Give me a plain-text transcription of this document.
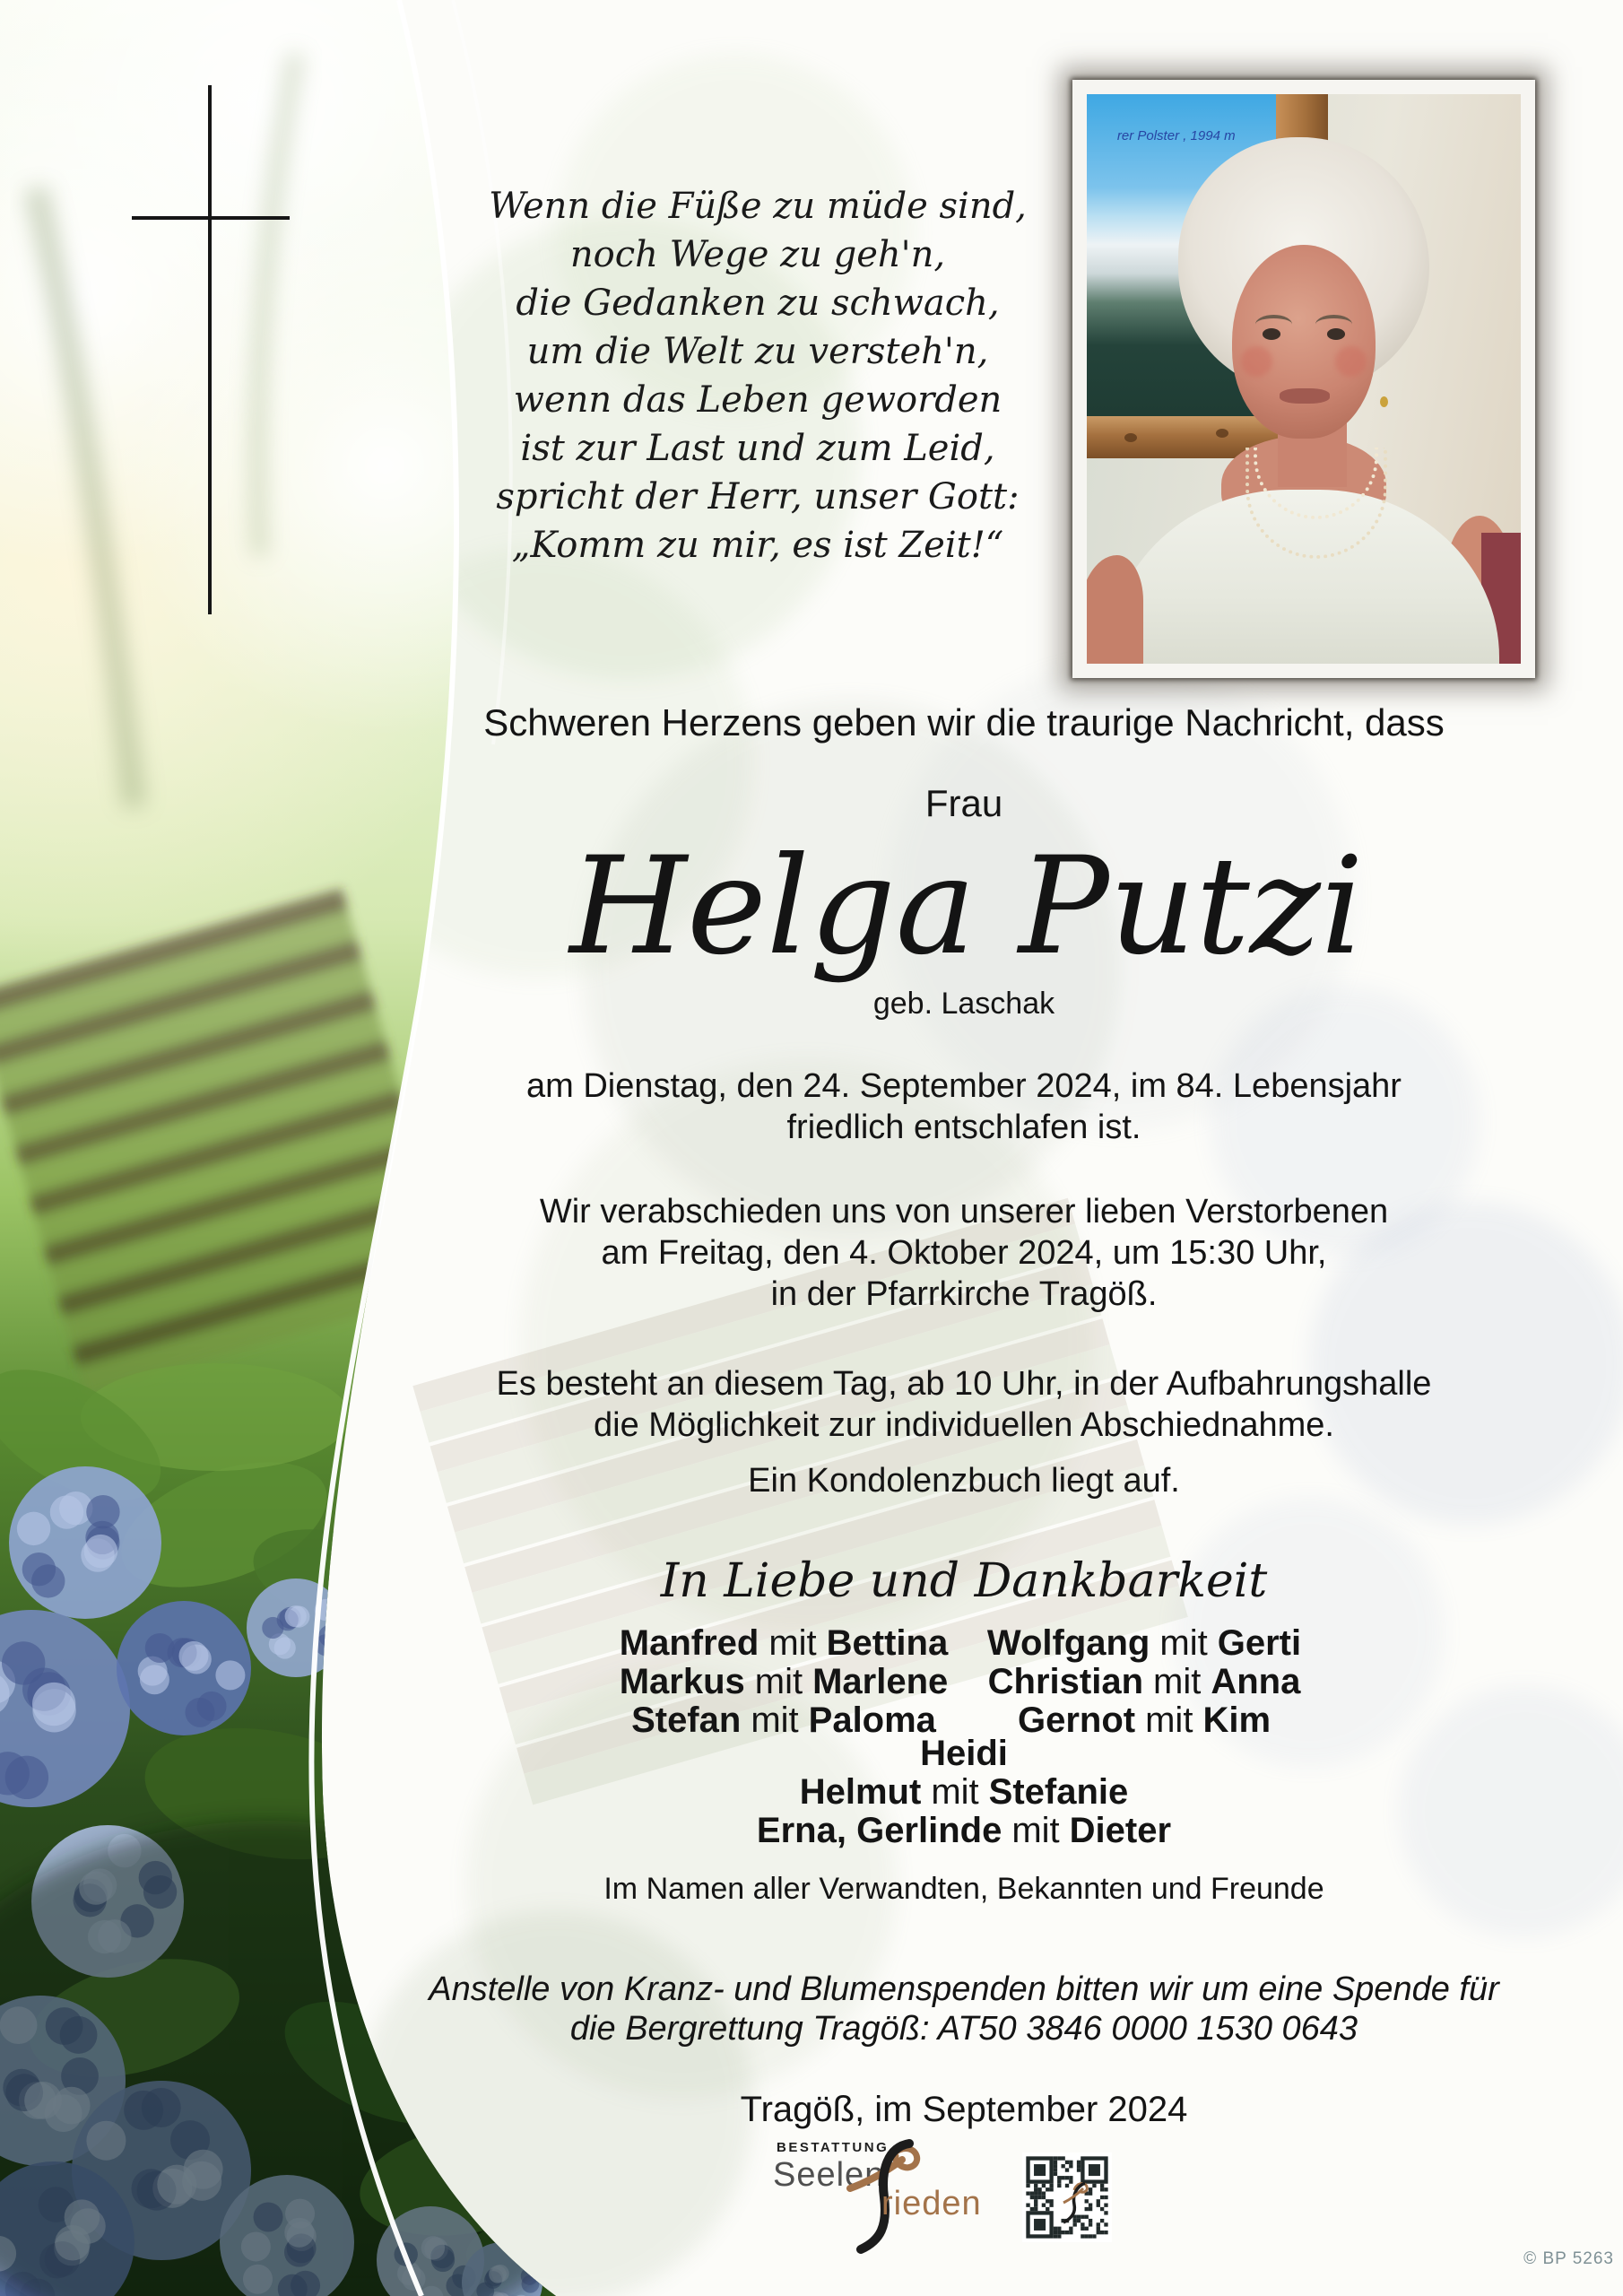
rer Polster , 1994 m
Wenn die Füße zu müde sind,
noch Wege zu geh'n,
die Gedanken zu schwach,
um die Welt zu versteh'n,
wenn das Leben geworden
ist zur Last und zum Leid,
spricht der Herr, unser Gott:
„Komm zu mir, es ist Zeit!“
Schweren Herzens geben wir die traurige Nachricht, dass
Frau
Helga Putzi
geb. Laschak
am Dienstag, den 24. September 2024, im 84. Lebensjahr
friedlich entschlafen ist.
Wir verabschieden uns von unserer lieben Verstorbenen
am Freitag, den 4. Oktober 2024, um 15:30 Uhr,
in der Pfarrkirche Tragöß.
Es besteht an diesem Tag, ab 10 Uhr, in der Aufbahrungshalle
die Möglichkeit zur individuellen Abschiednahme.
Ein Kondolenzbuch liegt auf.
In Liebe und Dankbarkeit
Manfred mit Bettina
Markus mit Marlene
Stefan mit Paloma
Wolfgang mit Gerti
Christian mit Anna
Gernot mit Kim
Heidi
Helmut mit Stefanie
Erna, Gerlinde mit Dieter
Im Namen aller Verwandten, Bekannten und Freunde
Anstelle von Kranz- und Blumenspenden bitten wir um eine Spende für
die Bergrettung Tragöß: AT50 3846 0000 1530 0643
Tragöß, im September 2024
BESTATTUNG
Seelen
rieden
© BP 5263
